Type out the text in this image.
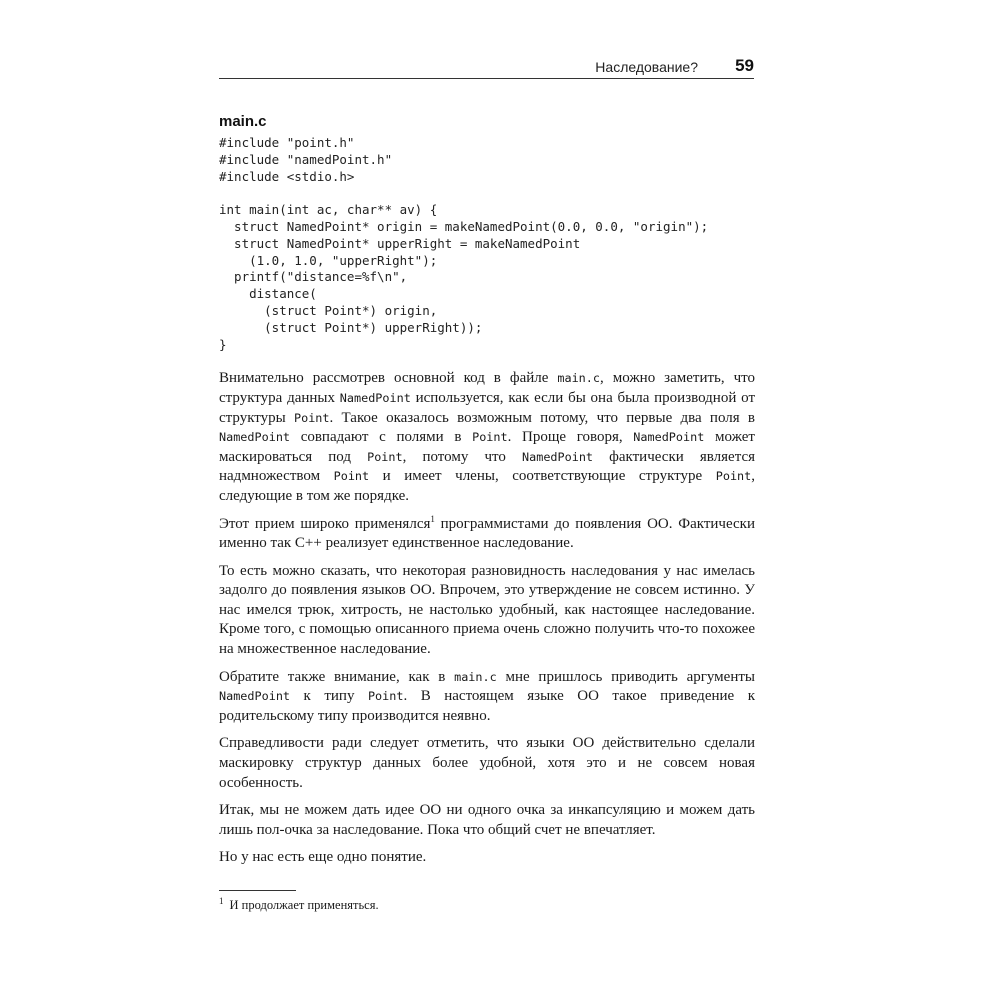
Наследование? 59
main.c
#include "point.h"
#include "namedPoint.h"
#include <stdio.h>

int main(int ac, char** av) {
struct NamedPoint* origin = makeNamedPoint(0.0, 0.0, "origin");
struct NamedPoint* upperRight = makeNamedPoint
(1.0, 1.0, "upperRight");
printf("distance=%f\n",
distance(
(struct Point*) origin,
(struct Point*) upperRight));
}

Внимательно рассмотрев основной код в файле main.c, можно заметить, что структура данных NamedPoint используется, как если бы она была производной от структуры Point. Такое оказалось возможным потому, что первые два поля в NamedPoint совпадают с полями в Point. Проще говоря, NamedPoint может маскироваться под Point, потому что NamedPoint фактически является надмножеством Point и имеет члены, соответствующие структуре Point, следующие в том же порядке.

Этот прием широко применялся$^1$ программистами до появления ОО. Фактически именно так C++ реализует единственное наследование.

То есть можно сказать, что некоторая разновидность наследования у нас имелась задолго до появления языков ОО. Впрочем, это утверждение не совсем истинно. У нас имелся трюк, хитрость, не настолько удобный, как настоящее наследование. Кроме того, с помощью описанного приема очень сложно получить что-то похожее на множественное наследование.

Обратите также внимание, как в main.c мне пришлось приводить аргументы NamedPoint к типу Point. В настоящем языке ОО такое приведение к родительскому типу производится неявно.

Справедливости ради следует отметить, что языки ОО действительно сделали маскировку структур данных более удобной, хотя это и не совсем новая особенность.

Итак, мы не можем дать идее ОО ни одного очка за инкапсуляцию и можем дать лишь пол-очка за наследование. Пока что общий счет не впечатляет.

Но у нас есть еще одно понятие.

$^1$ И продолжает применяться.
